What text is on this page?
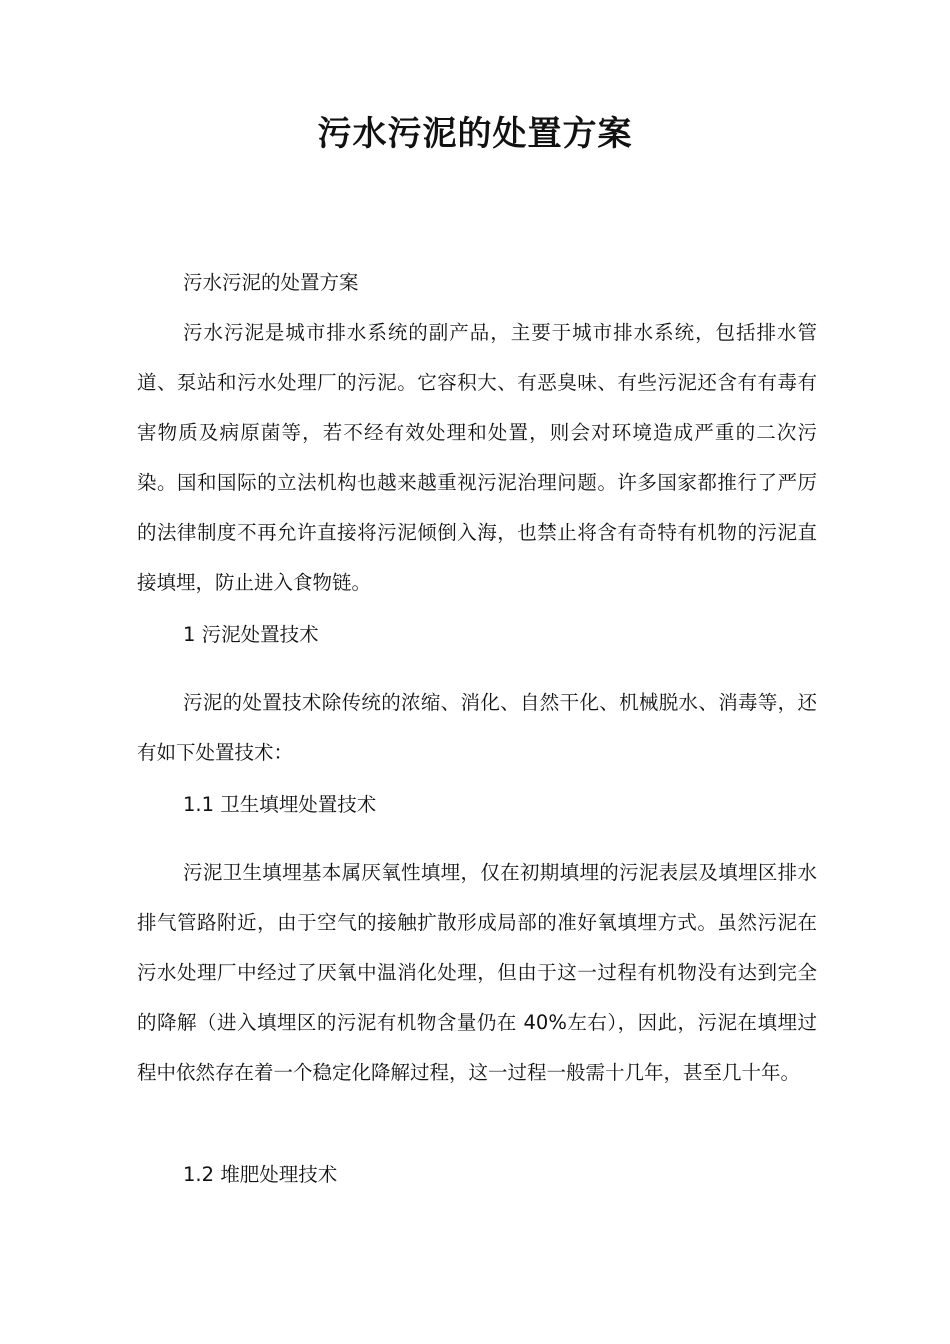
污水污泥的处置方案

污水污泥的处置方案

污水污泥是城市排水系统的副产品，主要于城市排水系统，包括排水管道、泵站和污水处理厂的污泥。它容积大、有恶臭味、有些污泥还含有有毒有害物质及病原菌等，若不经有效处理和处置，则会对环境造成严重的二次污染。国和国际的立法机构也越来越重视污泥治理问题。许多国家都推行了严厉的法律制度不再允许直接将污泥倾倒入海，也禁止将含有奇特有机物的污泥直接填埋，防止进入食物链。

1 污泥处置技术

污泥的处置技术除传统的浓缩、消化、自然干化、机械脱水、消毒等，还有如下处置技术：

1.1 卫生填埋处置技术

污泥卫生填埋基本属厌氧性填埋，仅在初期填埋的污泥表层及填埋区排水排气管路附近，由于空气的接触扩散形成局部的准好氧填埋方式。虽然污泥在污水处理厂中经过了厌氧中温消化处理，但由于这一过程有机物没有达到完全的降解（进入填埋区的污泥有机物含量仍在 40%左右），因此，污泥在填埋过程中依然存在着一个稳定化降解过程，这一过程一般需十几年，甚至几十年。

1.2 堆肥处理技术
